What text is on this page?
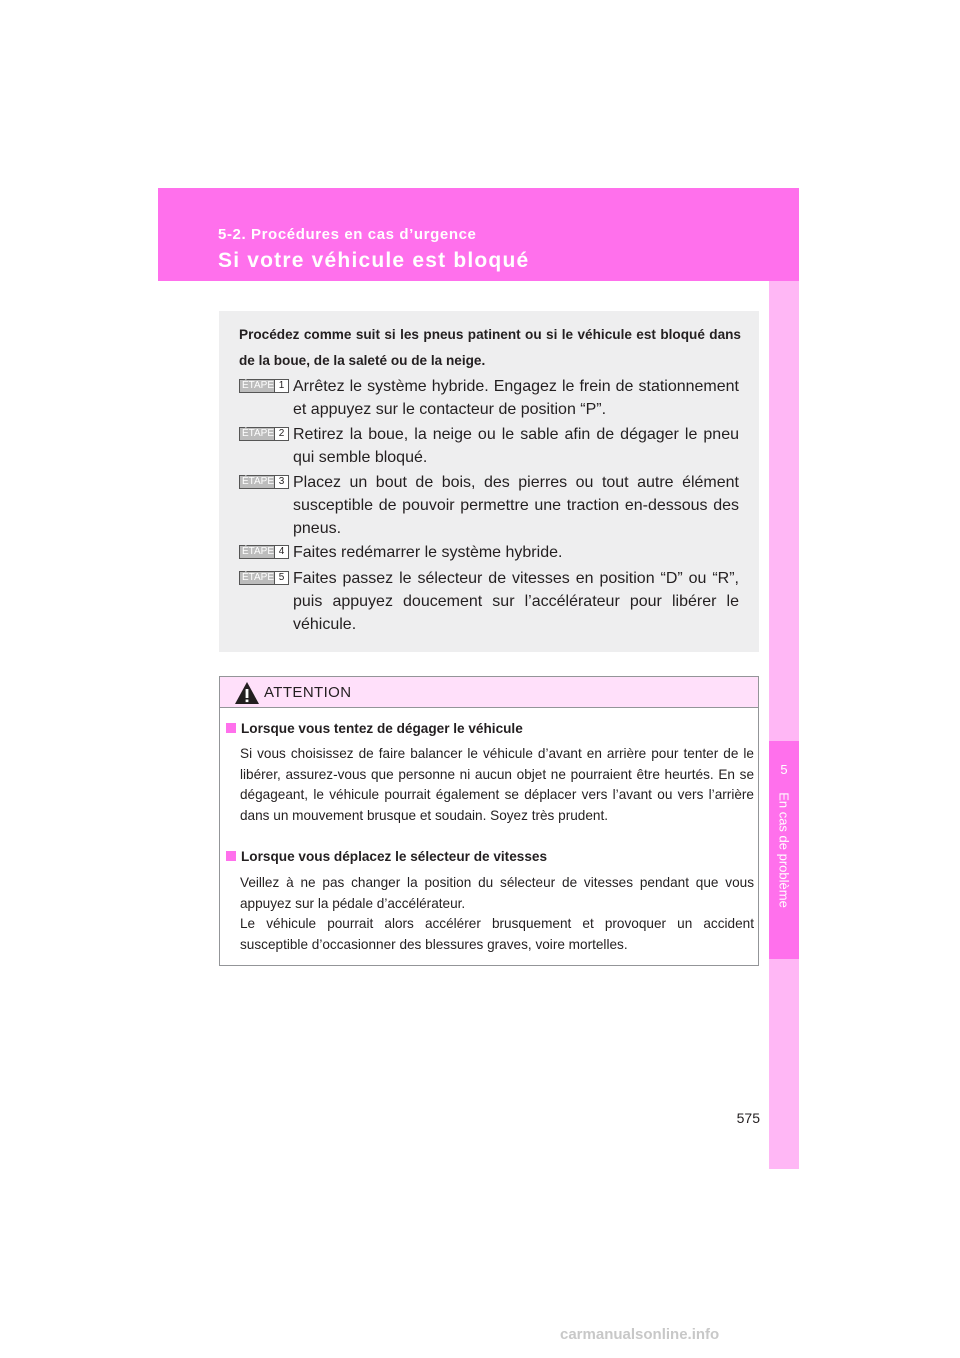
5-2. Procédures en cas d’urgence
Si votre véhicule est bloqué
5
En cas de problème
Procédez comme suit si les pneus patinent ou si le véhicule est bloqué dans de la boue, de la saleté ou de la neige.
ÉTAPE 1 Arrêtez le système hybride. Engagez le frein de stationnement et appuyez sur le contacteur de position “P”.
ÉTAPE 2 Retirez la boue, la neige ou le sable afin de dégager le pneu qui semble bloqué.
ÉTAPE 3 Placez un bout de bois, des pierres ou tout autre élément susceptible de pouvoir permettre une traction en-dessous des pneus.
ÉTAPE 4 Faites redémarrer le système hybride.
ÉTAPE 5 Faites passez le sélecteur de vitesses en position “D” ou “R”, puis appuyez doucement sur l’accélérateur pour libérer le véhicule.
ATTENTION
Lorsque vous tentez de dégager le véhicule
Si vous choisissez de faire balancer le véhicule d’avant en arrière pour tenter de le libérer, assurez-vous que personne ni aucun objet ne pourraient être heurtés. En se dégageant, le véhicule pourrait également se déplacer vers l’avant ou vers l’arrière dans un mouvement brusque et soudain. Soyez très prudent.
Lorsque vous déplacez le sélecteur de vitesses
Veillez à ne pas changer la position du sélecteur de vitesses pendant que vous appuyez sur la pédale d’accélérateur.
Le véhicule pourrait alors accélérer brusquement et provoquer un accident susceptible d’occasionner des blessures graves, voire mortelles.
575
carmanualsonline.info
